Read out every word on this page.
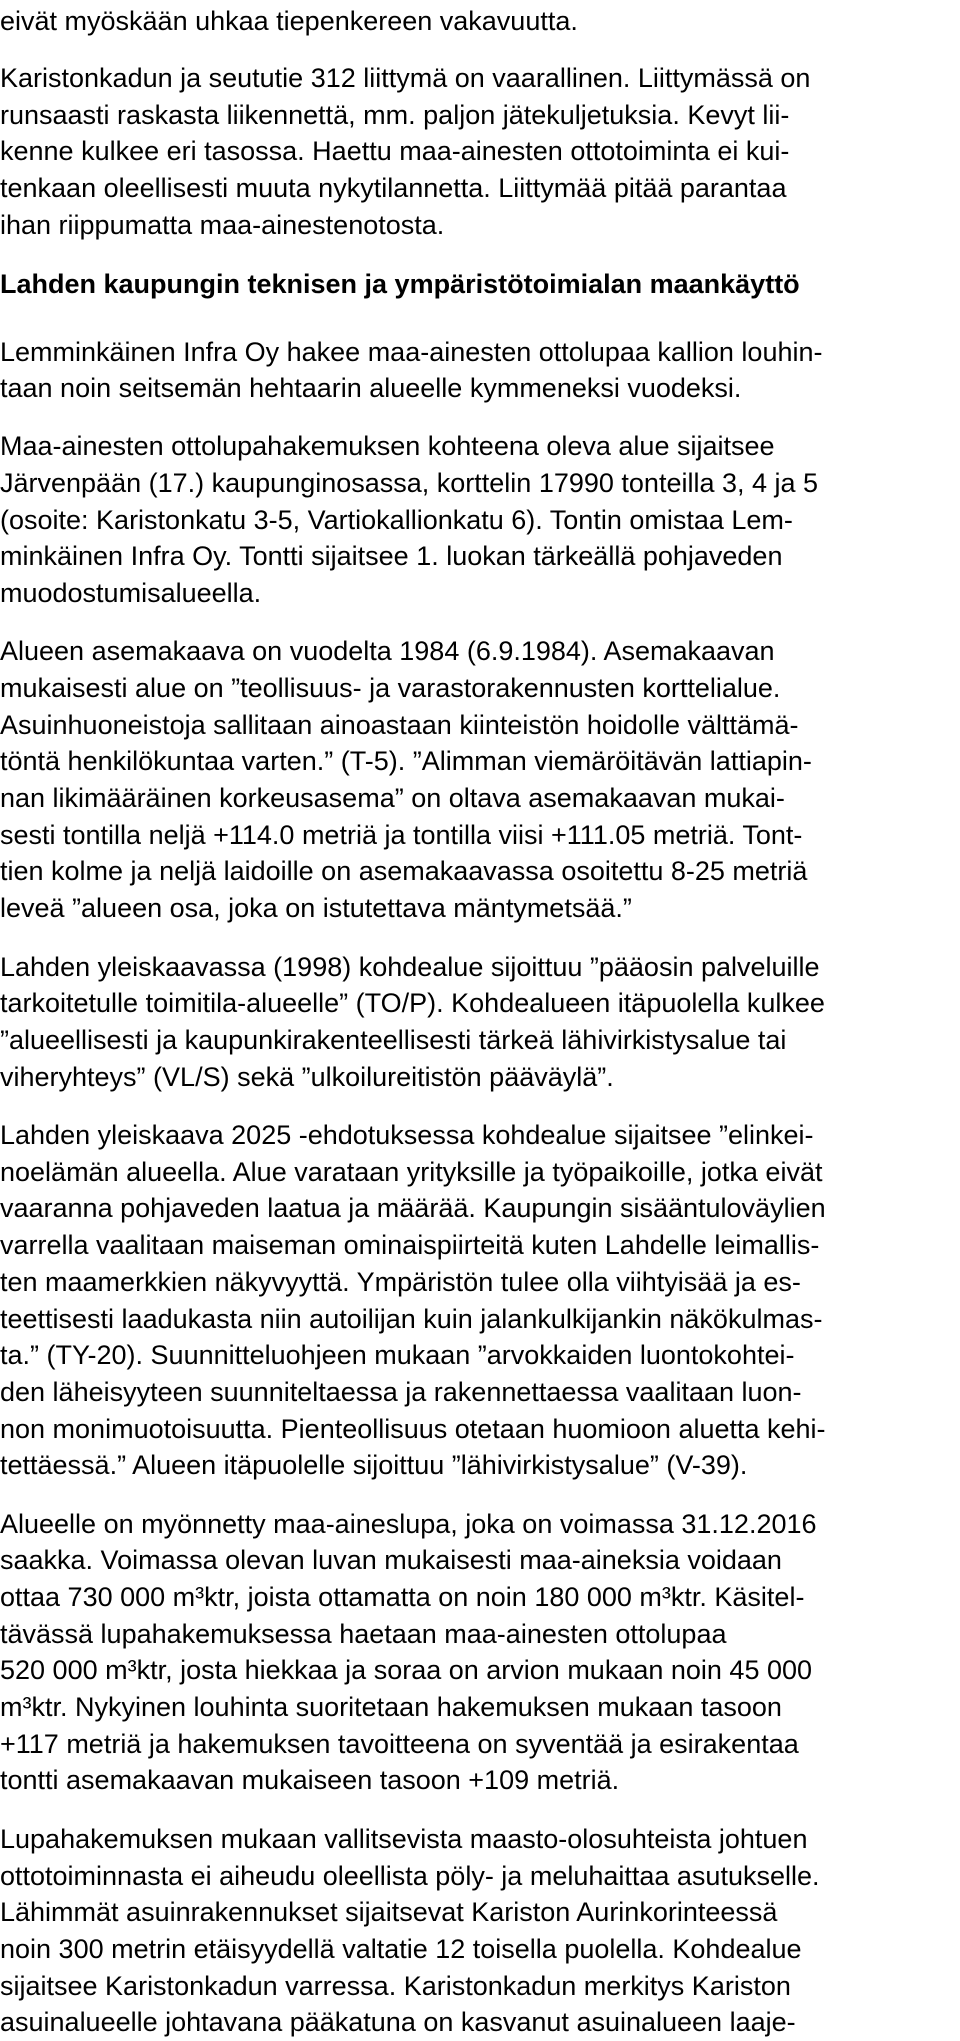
eivät myöskään uhkaa tiepenkereen vakavuutta.

Karistonkadun ja seututie 312 liittymä on vaarallinen. Liittymässä on

runsaasti raskasta liikennettä, mm. paljon jätekuljetuksia. Kevyt lii-

kenne kulkee eri tasossa. Haettu maa-ainesten ottotoiminta ei kui-

tenkaan oleellisesti muuta nykytilannetta. Liittymää pitää parantaa

ihan riippumatta maa-ainestenotosta.

Lahden kaupungin teknisen ja ympäristötoimialan maankäyttö

Lemminkäinen Infra Oy hakee maa-ainesten ottolupaa kallion louhin-

taan noin seitsemän hehtaarin alueelle kymmeneksi vuodeksi.

Maa-ainesten ottolupahakemuksen kohteena oleva alue sijaitsee

Järvenpään (17.) kaupunginosassa, korttelin 17990 tonteilla 3, 4 ja 5

(osoite: Karistonkatu 3-5, Vartiokallionkatu 6). Tontin omistaa Lem-

minkäinen Infra Oy. Tontti sijaitsee 1. luokan tärkeällä pohjaveden

muodostumisalueella.

Alueen asemakaava on vuodelta 1984 (6.9.1984). Asemakaavan

mukaisesti alue on ”teollisuus- ja varastorakennusten korttelialue.

Asuinhuoneistoja sallitaan ainoastaan kiinteistön hoidolle välttämä-

töntä henkilökuntaa varten.” (T-5). ”Alimman viemäröitävän lattiapin-

nan likimääräinen korkeusasema” on oltava asemakaavan mukai-

sesti tontilla neljä +114.0 metriä ja tontilla viisi +111.05 metriä. Tont-

tien kolme ja neljä laidoille on asemakaavassa osoitettu 8-25 metriä

leveä ”alueen osa, joka on istutettava mäntymetsää.”

Lahden yleiskaavassa (1998) kohdealue sijoittuu ”pääosin palveluille

tarkoitetulle toimitila-alueelle” (TO/P). Kohdealueen itäpuolella kulkee

”alueellisesti ja kaupunkirakenteellisesti tärkeä lähivirkistysalue tai

viheryhteys” (VL/S) sekä ”ulkoilureitistön pääväylä”.

Lahden yleiskaava 2025 -ehdotuksessa kohdealue sijaitsee ”elinkei-

noelämän alueella. Alue varataan yrityksille ja työpaikoille, jotka eivät

vaaranna pohjaveden laatua ja määrää. Kaupungin sisääntuloväylien

varrella vaalitaan maiseman ominaispiirteitä kuten Lahdelle leimallis-

ten maamerkkien näkyvyyttä. Ympäristön tulee olla viihtyisää ja es-

teettisesti laadukasta niin autoilijan kuin jalankulkijankin näkökulmas-

ta.” (TY-20). Suunnitteluohjeen mukaan ”arvokkaiden luontokohtei-

den läheisyyteen suunniteltaessa ja rakennettaessa vaalitaan luon-

non monimuotoisuutta. Pienteollisuus otetaan huomioon aluetta kehi-

tettäessä.” Alueen itäpuolelle sijoittuu ”lähivirkistysalue” (V-39).

Alueelle on myönnetty maa-aineslupa, joka on voimassa 31.12.2016

saakka. Voimassa olevan luvan mukaisesti maa-aineksia voidaan

ottaa 730 000 m³ktr, joista ottamatta on noin 180 000 m³ktr. Käsitel-

tävässä lupahakemuksessa haetaan maa-ainesten ottolupaa

520 000 m³ktr, josta hiekkaa ja soraa on arvion mukaan noin 45 000

m³ktr. Nykyinen louhinta suoritetaan hakemuksen mukaan tasoon

+117 metriä ja hakemuksen tavoitteena on syventää ja esirakentaa

tontti asemakaavan mukaiseen tasoon +109 metriä.

Lupahakemuksen mukaan vallitsevista maasto-olosuhteista johtuen

ottotoiminnasta ei aiheudu oleellista pöly- ja meluhaittaa asutukselle.

Lähimmät asuinrakennukset sijaitsevat Kariston Aurinkorinteessä

noin 300 metrin etäisyydellä valtatie 12 toisella puolella. Kohdealue

sijaitsee Karistonkadun varressa. Karistonkadun merkitys Kariston

asuinalueelle johtavana pääkatuna on kasvanut asuinalueen laaje-
